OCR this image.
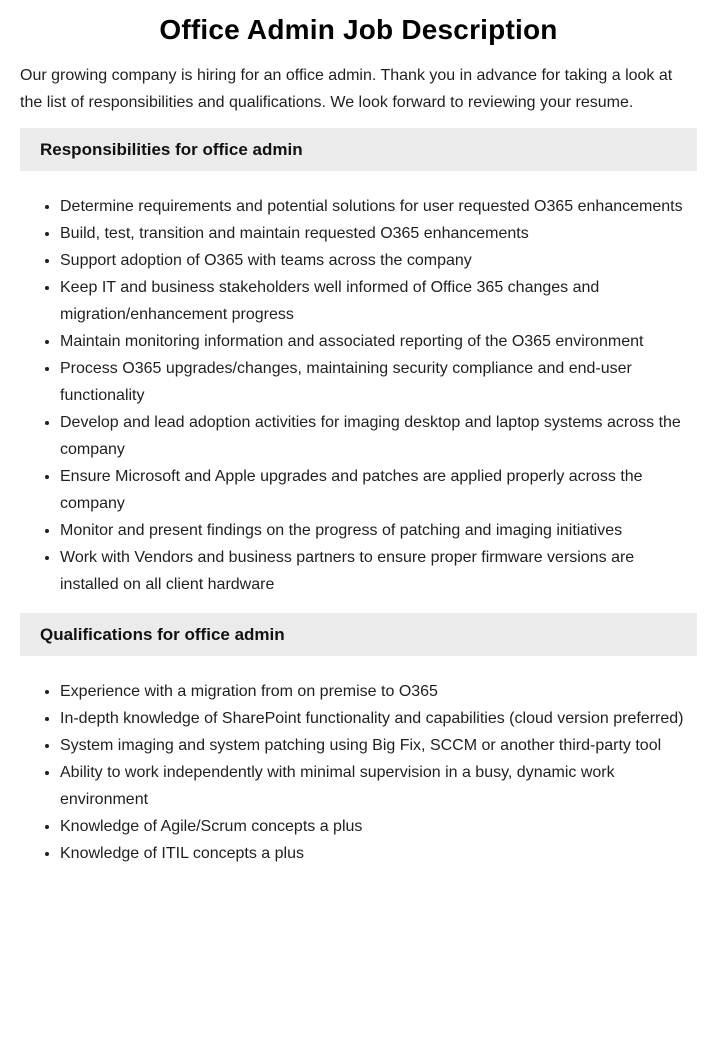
Office Admin Job Description

Our growing company is hiring for an office admin. Thank you in advance for taking a look at the list of responsibilities and qualifications. We look forward to reviewing your resume.

Responsibilities for office admin
• Determine requirements and potential solutions for user requested O365 enhancements
• Build, test, transition and maintain requested O365 enhancements
• Support adoption of O365 with teams across the company
• Keep IT and business stakeholders well informed of Office 365 changes and migration/enhancement progress
• Maintain monitoring information and associated reporting of the O365 environment
• Process O365 upgrades/changes, maintaining security compliance and end-user functionality
• Develop and lead adoption activities for imaging desktop and laptop systems across the company
• Ensure Microsoft and Apple upgrades and patches are applied properly across the company
• Monitor and present findings on the progress of patching and imaging initiatives
• Work with Vendors and business partners to ensure proper firmware versions are installed on all client hardware
Qualifications for office admin
• Experience with a migration from on premise to O365
• In-depth knowledge of SharePoint functionality and capabilities (cloud version preferred)
• System imaging and system patching using Big Fix, SCCM or another third-party tool
• Ability to work independently with minimal supervision in a busy, dynamic work environment
• Knowledge of Agile/Scrum concepts a plus
• Knowledge of ITIL concepts a plus
